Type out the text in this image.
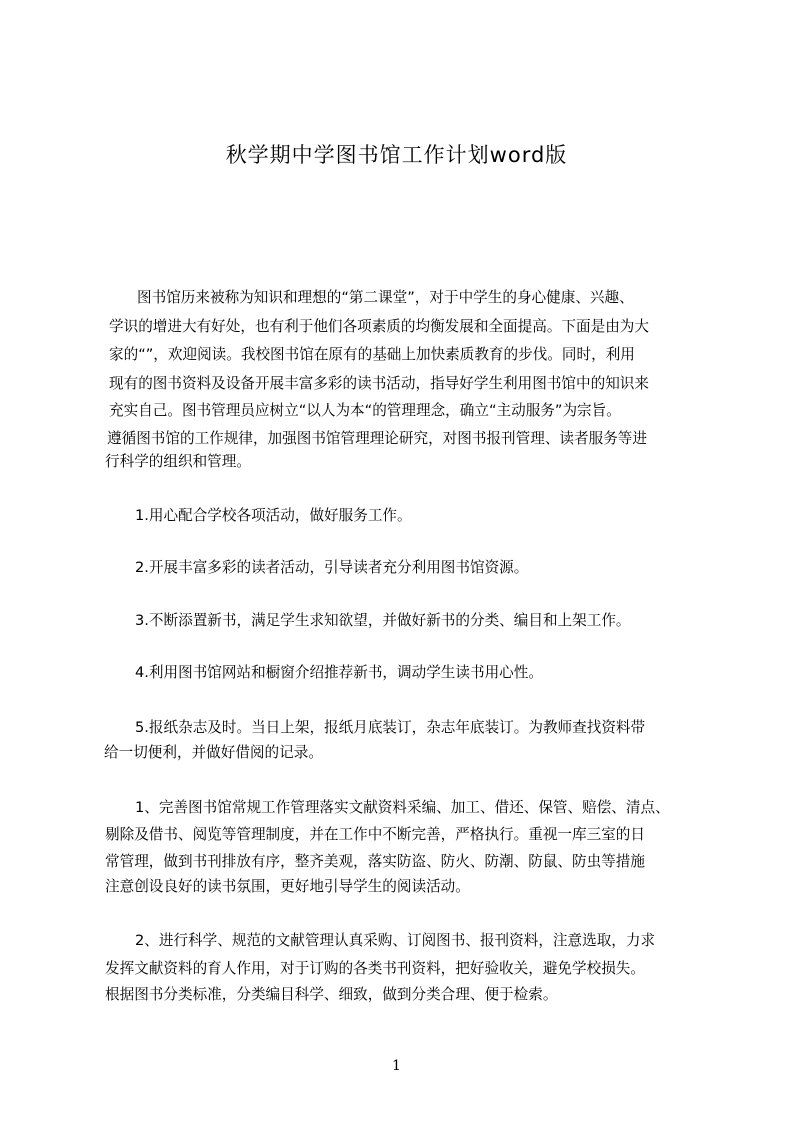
秋学期中学图书馆工作计划word版
图书馆历来被称为知识和理想的“第二课堂”，对于中学生的身心健康、兴趣、
学识的增进大有好处，也有利于他们各项素质的均衡发展和全面提高。下面是由为大
家的“”，欢迎阅读。我校图书馆在原有的基础上加快素质教育的步伐。同时，利用
现有的图书资料及设备开展丰富多彩的读书活动，指导好学生利用图书馆中的知识来
充实自己。图书管理员应树立“以人为本“的管理理念，确立“主动服务”为宗旨。
遵循图书馆的工作规律，加强图书馆管理理论研究，对图书报刊管理、读者服务等进
行科学的组织和管理。
1.用心配合学校各项活动，做好服务工作。
2.开展丰富多彩的读者活动，引导读者充分利用图书馆资源。
3.不断添置新书，满足学生求知欲望，并做好新书的分类、编目和上架工作。
4.利用图书馆网站和橱窗介绍推荐新书，调动学生读书用心性。
5.报纸杂志及时。当日上架，报纸月底装订，杂志年底装订。为教师查找资料带
给一切便利，并做好借阅的记录。
1、完善图书馆常规工作管理落实文献资料采编、加工、借还、保管、赔偿、清点、
剔除及借书、阅览等管理制度，并在工作中不断完善，严格执行。重视一库三室的日
常管理，做到书刊排放有序，整齐美观，落实防盗、防火、防潮、防鼠、防虫等措施
注意创设良好的读书氛围，更好地引导学生的阅读活动。
2、进行科学、规范的文献管理认真采购、订阅图书、报刊资料，注意选取，力求
发挥文献资料的育人作用，对于订购的各类书刊资料，把好验收关，避免学校损失。
根据图书分类标准，分类编目科学、细致，做到分类合理、便于检索。
1
